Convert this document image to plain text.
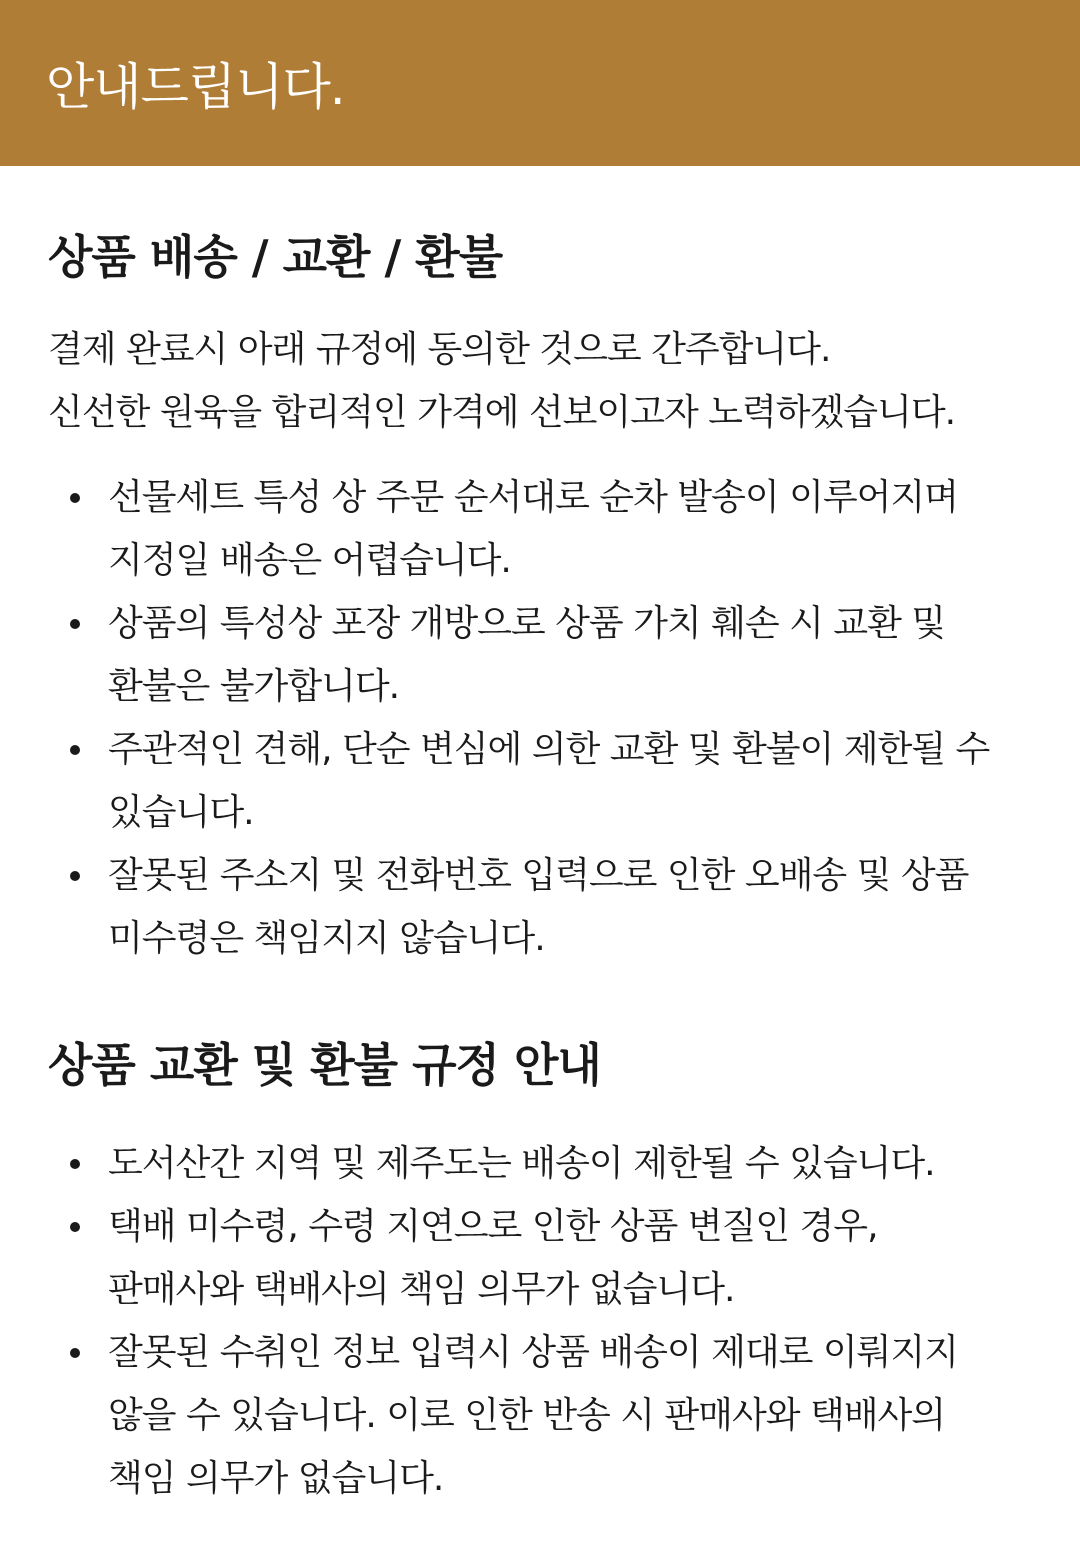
안내드립니다.
상품 배송 / 교환 / 환불
결제 완료시 아래 규정에 동의한 것으로 간주합니다.
신선한 원육을 합리적인 가격에 선보이고자 노력하겠습니다.
선물세트 특성 상 주문 순서대로 순차 발송이 이루어지며
지정일 배송은 어렵습니다.
상품의 특성상 포장 개방으로 상품 가치 훼손 시 교환 및
환불은 불가합니다.
주관적인 견해, 단순 변심에 의한 교환 및 환불이 제한될 수
있습니다.
잘못된 주소지 및 전화번호 입력으로 인한 오배송 및 상품
미수령은 책임지지 않습니다.
상품 교환 및 환불 규정 안내
도서산간 지역 및 제주도는 배송이 제한될 수 있습니다.
택배 미수령, 수령 지연으로 인한 상품 변질인 경우,
판매사와 택배사의 책임 의무가 없습니다.
잘못된 수취인 정보 입력시 상품 배송이 제대로 이뤄지지
않을 수 있습니다. 이로 인한 반송 시 판매사와 택배사의
책임 의무가 없습니다.
